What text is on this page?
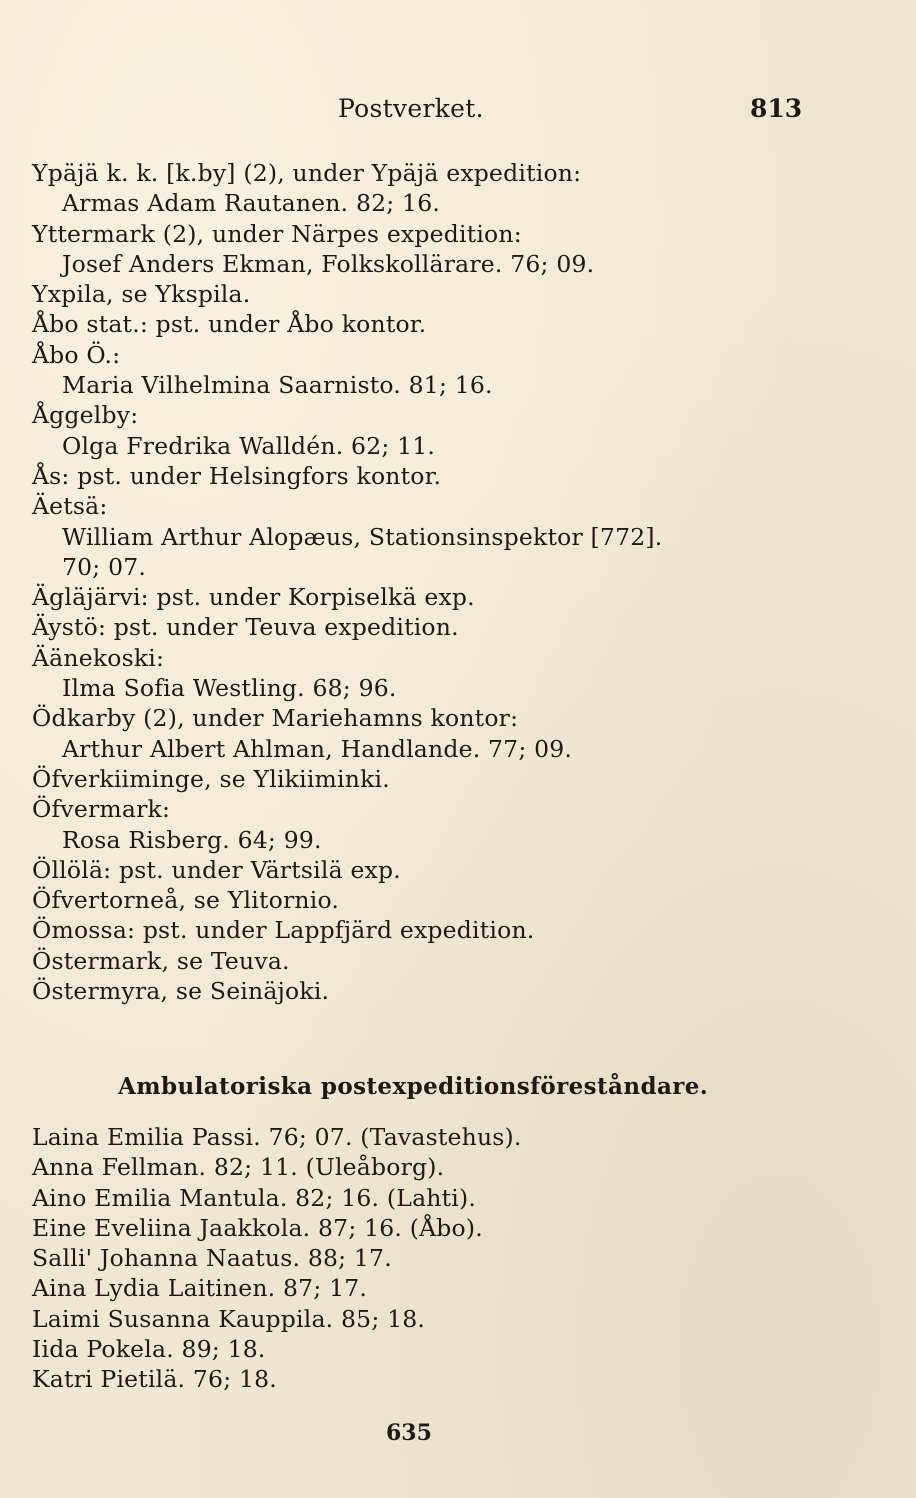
Postverket.	813
Ypäjä k. k. [k.by] (2), under Ypäjä expedition:
Armas Adam Rautanen. 82; 16.
Yttermark (2), under Närpes expedition:
Josef Anders Ekman, Folkskollärare. 76; 09.
Yxpila, se Ykspila.
Åbo stat.: pst. under Åbo kontor.
Åbo Ö.:
Maria Vilhelmina Saarnisto. 81; 16.
Åggelby:
Olga Fredrika Walldén. 62; 11.
Ås: pst. under Helsingfors kontor.
Äetsä:
William Arthur Alopæus, Stationsinspektor [772].
70; 07.
Ägläjärvi: pst. under Korpiselkä exp.
Äystö: pst. under Teuva expedition.
Äänekoski:
Ilma Sofia Westling. 68; 96.
Ödkarby (2), under Mariehamns kontor:
Arthur Albert Ahlman, Handlande. 77; 09.
Öfverkiiminge, se Ylikiiminki.
Öfvermark:
Rosa Risberg. 64; 99.
Öllölä: pst. under Värtsilä exp.
Öfvertorneå, se Ylitornio.
Ömossa: pst. under Lappfjärd expedition.
Östermark, se Teuva.
Östermyra, se Seinäjoki.
Ambulatoriska postexpeditionsföreståndare.
Laina Emilia Passi. 76; 07. (Tavastehus).
Anna Fellman. 82; 11. (Uleåborg).
Aino Emilia Mantula. 82; 16. (Lahti).
Eine Eveliina Jaakkola. 87; 16. (Åbo).
Salli' Johanna Naatus. 88; 17.
Aina Lydia Laitinen. 87; 17.
Laimi Susanna Kauppila. 85; 18.
Iida Pokela. 89; 18.
Katri Pietilä. 76; 18.
635
